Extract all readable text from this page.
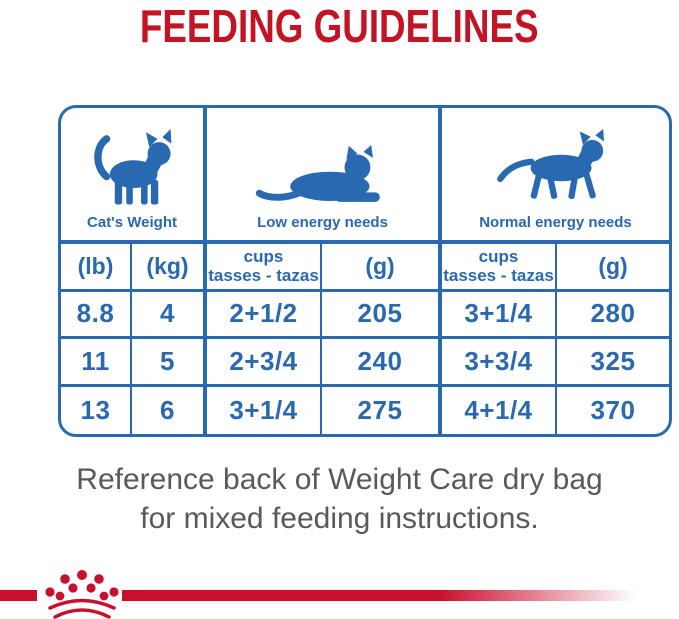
FEEDING GUIDELINES
Cat's Weight
(lb) (kg)
8.8 4
11 5
13 6
Low energy needs
cups
tasses - tazas (g)
2+1/2 205
2+3/4 240
3+1/4 275
Normal energy needs
cups
tasses - tazas (g)
3+1/4 280
3+3/4 325
4+1/4 370
Reference back of Weight Care dry bag
for mixed feeding instructions.
